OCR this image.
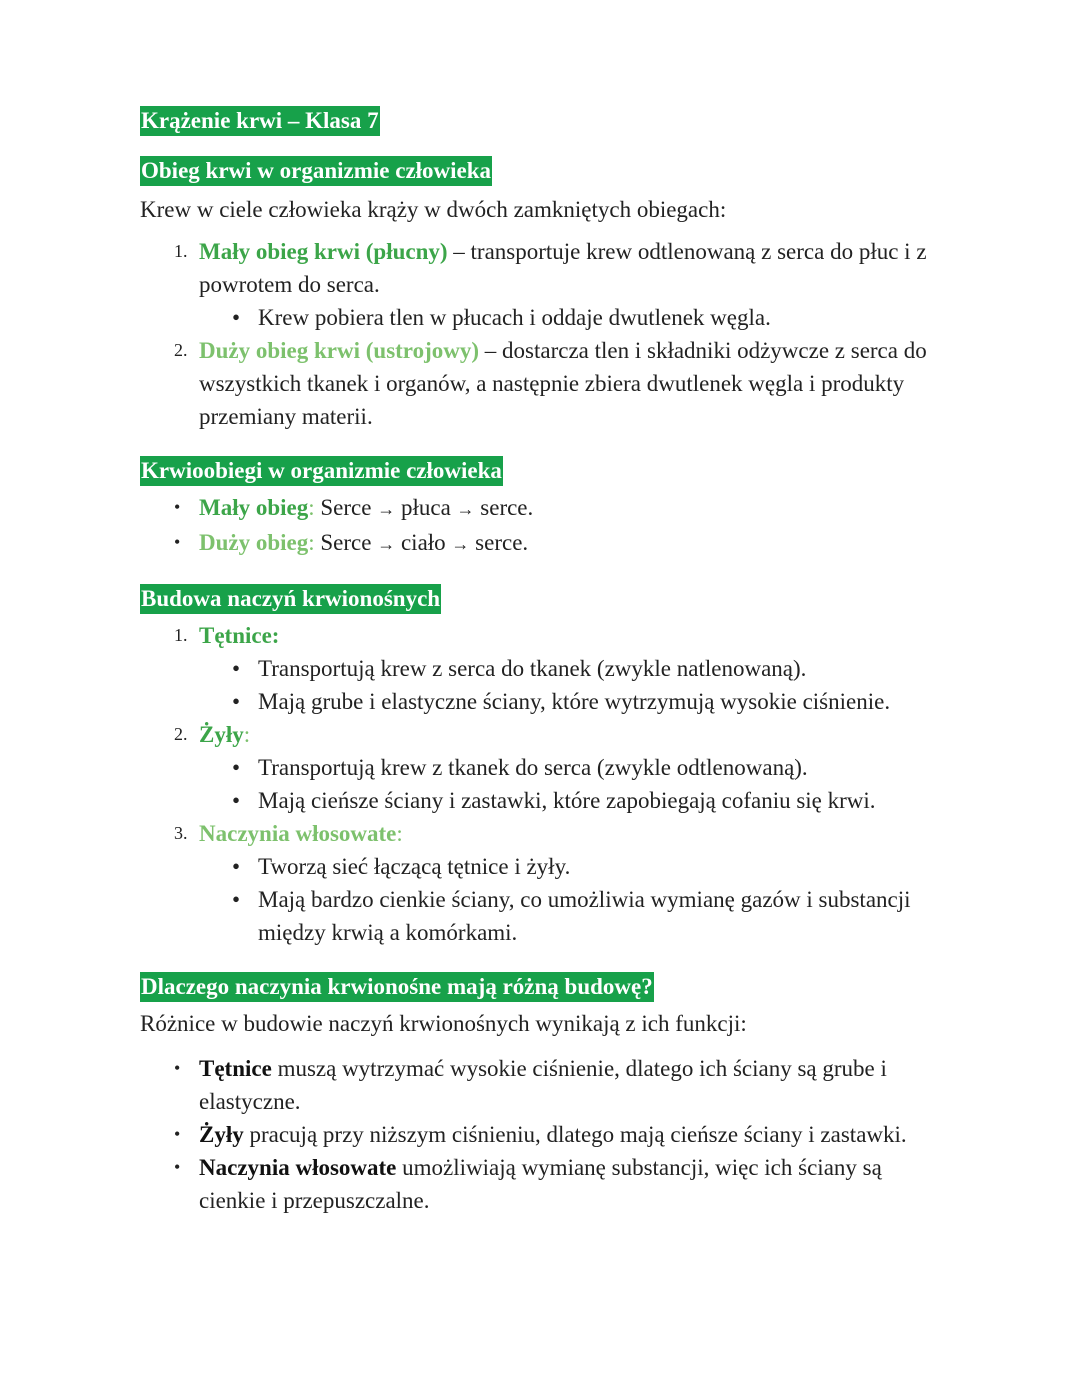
Krążenie krwi – Klasa 7
Obieg krwi w organizmie człowieka

Krew w ciele człowieka krąży w dwóch zamkniętych obiegach:

1. Mały obieg krwi (płucny) – transportuje krew odtlenowaną z serca do płuc i z powrotem do serca.
• Krew pobiera tlen w płucach i oddaje dwutlenek węgla.
2. Duży obieg krwi (ustrojowy) – dostarcza tlen i składniki odżywcze z serca do wszystkich tkanek i organów, a następnie zbiera dwutlenek węgla i produkty przemiany materii.
Krwioobiegi w organizmie człowieka
• Mały obieg: Serce → płuca → serce.
• Duży obieg: Serce → ciało → serce.
Budowa naczyń krwionośnych
1. Tętnice:
• Transportują krew z serca do tkanek (zwykle natlenowaną).
• Mają grube i elastyczne ściany, które wytrzymują wysokie ciśnienie.
2. Żyły:
• Transportują krew z tkanek do serca (zwykle odtlenowaną).
• Mają cieńsze ściany i zastawki, które zapobiegają cofaniu się krwi.
3. Naczynia włosowate:
• Tworzą sieć łączącą tętnice i żyły.
• Mają bardzo cienkie ściany, co umożliwia wymianę gazów i substancji między krwią a komórkami.
Dlaczego naczynia krwionośne mają różną budowę?

Różnice w budowie naczyń krwionośnych wynikają z ich funkcji:

• Tętnice muszą wytrzymać wysokie ciśnienie, dlatego ich ściany są grube i elastyczne.
• Żyły pracują przy niższym ciśnieniu, dlatego mają cieńsze ściany i zastawki.
• Naczynia włosowate umożliwiają wymianę substancji, więc ich ściany są cienkie i przepuszczalne.
